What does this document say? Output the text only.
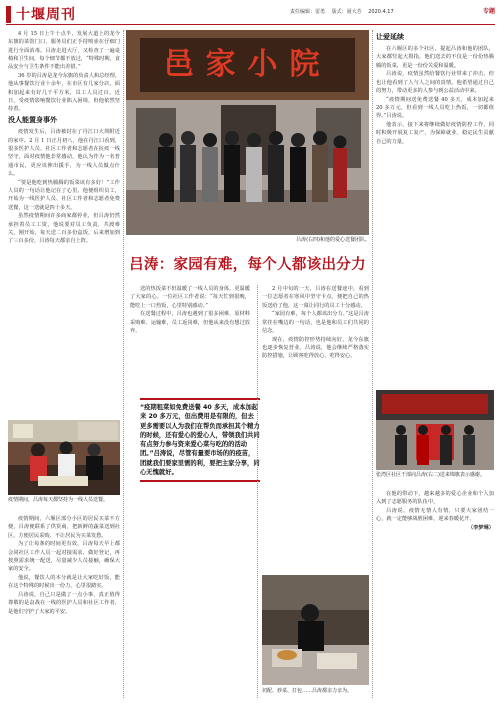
十堰周刊	责任编辑：雷勇 版式：聂大芳 2020.4.17	专题

4 月 15 日上午十点半，发展大道上的龙今东旗的菜馆门口，服务员们正手持喷壶在仔细门进行全面消毒。吕涛走进大厅，又检查了一遍桌椅和卫生间，每个细节都不放过，“特殊时期，食品安全与卫生条件不能出差错。”

36 岁的吕涛是龙今东旗的负责人和总经理。他从事餐饮行业十余年，在市区有几家分店，面积加起来有好几千平方米，员工人员过百。近日，受疫情影响餐饮行业陷入困境，但他依然坚持着。

没人能置身事外

疫情发生后，吕涛被封在了丹江口大坝附近的家中。2 月 1 日正月初八，他在丹江口看到，很多医护人员、社区工作者和志愿者在抗疫一线坚守，面对疫情他非常感动，他认为作为一名普通市民，更应该伸出援手，为一线人员做点什么。

“要是他吃到热腾腾的饭菜该有多好！”工作人员的一句话让他记在了心里。他便组织员工，开始为一线医护人员、社区工作者和志愿者免费送餐，这一送就是四十多天。

虽然疫情期间许多商家都停业，但吕涛仍然承担着员工工资，他说要对员工负责，共渡难关。刚开始，每天送二百多份盒饭，后来增加到了三百多份，吕涛每天都亲自上阵。

疫情期间，吕涛每天都坚持为一线人员送餐。

疫情期间，六堰区部分小区的居民买菜不方便，吕涛便联系了供货商，把新鲜的蔬菜送到社区，方便居民采购，不让居民为买菜发愁。

为了让每条的时间更有效，吕涛每天早上都会同社区工作人员一起对接需求，做好登记，再按照需求统一配送，尽量减少人员接触，确保大家的安全。

他说，餐饮人的本分就是让大家吃好饭，能在这个特殊的时候出一份力，心里很踏实。

吕涛说，自己只是做了一点小事，真正值得尊敬的是奋战在一线的医护人员和社区工作者，是他们守护了大家的平安。

邑家小院
吕涛(右四)和他的爱心送餐团队。
吕涛：家园有难，每个人都该出分力
“疫期租菜如免费送餐 40 多天，成本加起来 20 多万元，但出费用是有限的，但去更多需要以人为我们在帮负而承担其个精力的时候，还有爱心的爱心人，带领我们共同有点努力参与资来爱心菜与吃的的活动团。”吕涛说，尽管有量要市场的的疫苗，团就我们要家里需的利，要把主家分享，同心无愧就好。

送的热饭菜不但温暖了一线人员的身体，更温暖了大家的心。一位社区工作者说：“每天忙到很晚，能吃上一口热饭，心里特别感动。”

在送餐过程中，吕涛也遇到了很多困难，原材料采购难、运输难，员工返岗难，但他从来没有想过放弃。

2 月中旬的一天，吕涛在送餐途中，看到一位志愿者在寒风中坚守卡点，便把自己的热饭送给了他，这一幕让同行的员工十分感动。

“家园有难，每个人都该出分力。”这是吕涛常挂在嘴边的一句话，也是他和员工们共同的信念。

现在，疫情防控形势持续向好，龙今东旗也逐步恢复营业。吕涛说，他会继续严格落实防控措施，让顾客吃得放心、吃得安心。

切配、炒菜、打包……吕涛都亲力亲为。
让爱延续

在六堰区的多个社区，提起吕涛和他的团队，大家都竖起大拇指。他们送去的不仅是一份份热腾腾的饭菜，更是一份份关爱和温暖。

吕涛说，疫情虽然给餐饮行业带来了冲击，但也让他看到了人与人之间的真情。他希望通过自己的努力，带动更多的人参与到公益活动中来。

“疫情期间送免费送餐 40 多天，成本加起来 20 多万元，但看到一线人员吃上热饭，一切都值得。”吕涛说。

他表示，接下来将继续做好疫情防控工作，同时积极开展复工复产，为保障就业、稳定民生贡献自己的力量。

张湾区社区干部向吕涛(右二)送来锦旗表示感谢。

在他的带动下，越来越多的爱心企业和个人加入到了志愿服务的队伍中。

吕涛说，疫情无情人有情，只要大家团结一心，就一定能够战胜困难，迎来春暖花开。

（李梦琳）
